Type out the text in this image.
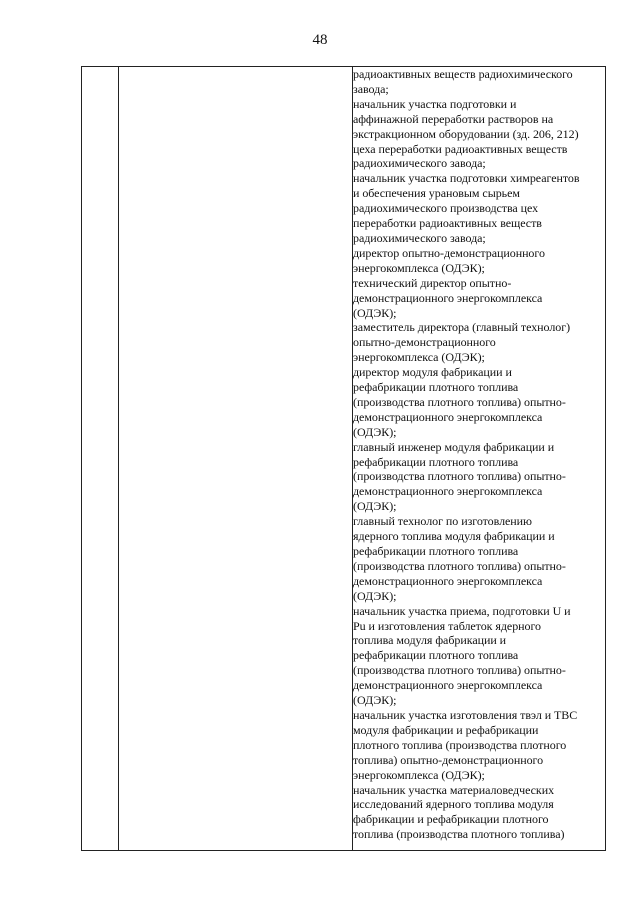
48

радиоактивных веществ радиохимического
завода;
начальник участка подготовки и
аффинажной переработки растворов на
экстракционном оборудовании (зд. 206, 212)
цеха переработки радиоактивных веществ
радиохимического завода;
начальник участка подготовки химреагентов
и обеспечения урановым сырьем
радиохимического производства цех
переработки радиоактивных веществ
радиохимического завода;
директор опытно-демонстрационного
энергокомплекса (ОДЭК);
технический директор опытно-
демонстрационного энергокомплекса
(ОДЭК);
заместитель директора (главный технолог)
опытно-демонстрационного
энергокомплекса (ОДЭК);
директор модуля фабрикации и
рефабрикации плотного топлива
(производства плотного топлива) опытно-
демонстрационного энергокомплекса
(ОДЭК);
главный инженер модуля фабрикации и
рефабрикации плотного топлива
(производства плотного топлива) опытно-
демонстрационного энергокомплекса
(ОДЭК);
главный технолог по изготовлению
ядерного топлива модуля фабрикации и
рефабрикации плотного топлива
(производства плотного топлива) опытно-
демонстрационного энергокомплекса
(ОДЭК);
начальник участка приема, подготовки U и
Pu и изготовления таблеток ядерного
топлива модуля фабрикации и
рефабрикации плотного топлива
(производства плотного топлива) опытно-
демонстрационного энергокомплекса
(ОДЭК);
начальник участка изготовления твэл и ТВС
модуля фабрикации и рефабрикации
плотного топлива (производства плотного
топлива) опытно-демонстрационного
энергокомплекса (ОДЭК);
начальник участка материаловедческих
исследований ядерного топлива модуля
фабрикации и рефабрикации плотного
топлива (производства плотного топлива)
